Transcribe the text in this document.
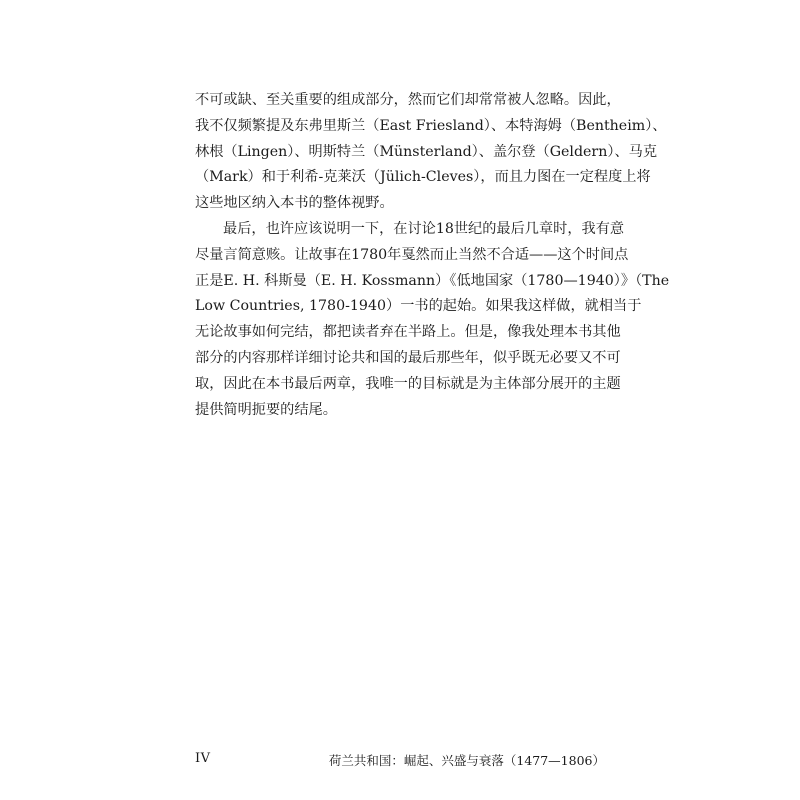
不可或缺、至关重要的组成部分，然而它们却常常被人忽略。因此，
我不仅频繁提及东弗里斯兰（East Friesland）、本特海姆（Bentheim）、
林根（Lingen）、明斯特兰（Münsterland）、盖尔登（Geldern）、马克
（Mark）和于利希-克莱沃（Jülich-Cleves），而且力图在一定程度上将
这些地区纳入本书的整体视野。
最后，也许应该说明一下，在讨论18世纪的最后几章时，我有意
尽量言简意赅。让故事在1780年戛然而止当然不合适——这个时间点
正是E. H. 科斯曼（E. H. Kossmann）《低地国家（1780—1940）》（The
Low Countries, 1780-1940）一书的起始。如果我这样做，就相当于
无论故事如何完结，都把读者弃在半路上。但是，像我处理本书其他
部分的内容那样详细讨论共和国的最后那些年，似乎既无必要又不可
取，因此在本书最后两章，我唯一的目标就是为主体部分展开的主题
提供简明扼要的结尾。
IV	荷兰共和国：崛起、兴盛与衰落（1477—1806）
